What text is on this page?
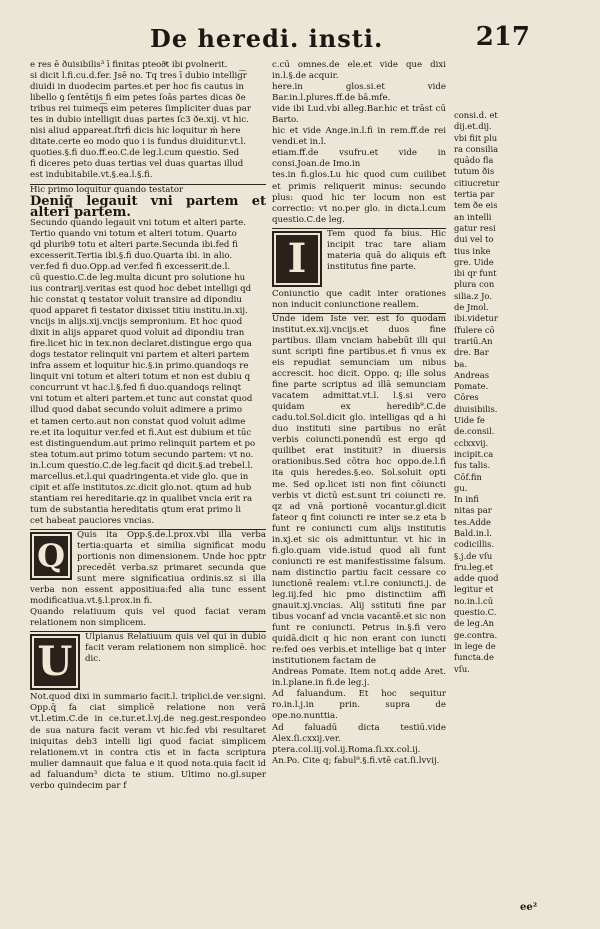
De heredi. insti.	217

e res ē ðuisibilis³ ī finitas pteoðͤt ibi ꝑvolnerit.

si dicit l.fi.cu.d.fer. Jsē no. Tq tres ī dubio intellig͡r

diuidi in duodecim partes.et per hoc fis cautus in

libello ꝯ ſentētijs fi eim petes ſoās partes dicas ðe

tribus rei tuimeq͡s eim peteres ſimpliciter duas par

tes in dubio intelligit duas partes ſc3 ðe.xij. vt hic.

nisi aliud appareat.ſtrfi dicis hic loquitur ṁ here

ditate.certe eo modo quo i is fundus diuiditur.vt.l.

quoties.§.fi duo.ff.eo.C.de leg.l.cum questio. Sed

fi diceres peto duas tertias vel duas quartas illud

est indubitabile.vt.§.ea.l.§.fi.

Hic primo loquitur quando testator

Deniq̄ legauit vni partem et alteri partem.

Secundo quando legauit vni totum et alteri parte.

Tertio quando vni totum et alteri totum. Quarto

qd plurib9 totu et alteri parte.Secunda ibi.fed fi

excesserit.Tertia ibi.§.fi duo.Quarta ibi. in alio.

ver.fed fi duo.Opp.ad ver.fed fi excesserit.de.l.

cū questio.C.de leg.multa dicunt pro solutione hu

ius contrarij.veritas est quod hoc debet intelligi qd

hic constat q testator voluit transire ad dipondiu

quod apparet fi testator dixisset titiu institu.in.xij.

vncijs in alijs.xij.vncijs sempronium. Et hoc quod

dixit in alijs apparet quod voluit ad dipondiu tran

fire.licet hic in tex.non declaret.distingue ergo qua

dogs testator relinquit vni partem et alteri partem

infra assem et loquitur hic.§.in primo.quandoqs re

linquit vni totum et alteri totum et non est dubiu q

concurrunt vt hac.l.§.fed fi duo.quandoqs relinqt

vni totum et alteri partem.et tunc aut constat quod

illud quod dabat secundo voluit adimere a primo

et tamen certo.aut non constat quod voluit adime

re.et ita loquitur ver.fed et fi.Aut est dubium et tūc

est distinguendum.aut primo relinquit partem et po

stea totum.aut primo totum secundo partem: vt no.

in.l.cum questio.C.de leg.facit qd dicit.§.ad trebel.l.

marcellus.et.l.qui quadringenta.et vide glo. que in

cipit et aſſe institutos.zc.dicit glo.not. qtum ad hub

stantiam rei hereditarie.qz in qualibet vncia erit ra

tum de substantia hereditatis qtum erat primo li

cet habeat pauciores vncias.

Q
Quis ita Opp.§.de.l.prox.vbi illa verba tertia:quarta et similia significat modu portionis non dimensionem. Unde hoc pptr precedēt verba.sz primaret secunda que sunt mere significatiua ordinis.sz si illa verba non essent appositiua:fed alia tunc essent modificatiua.vt.§.l.prox.in fi.

Quando relatiuum quis vel quod faciat veram relationem non simplicem.

U
Ulpianus Relatiuum quis vel qui in dubio facit veram relationem non simplicē. hoc dic.

Not.quod dixi in summario facit.l. triplici.de ver.signi. Opp.q̄ fa ciat simplicē relatione non verā vt.l.etim.C.de in ce.tur.et.l.vj.de neg.gest.respondeo de sua natura facit veram vt hic.fed vbi resultaret iniquitas deb3 intelli ligi quod faciat simplicem relationem.vt in contra ctis et in facta scriptura mulier damnauit que falua e it quod nota.quia facit id ad faluandum³ dicta te stium. Ultimo no.gl.super verbo quindecim par f

c.cū omnes.de ele.et vide que dixi in.l.§.de acquir.

here.in glos.si.et vide Bar.in.l.plures.ff.de bā.mfe.

vide ibi Lud.vbi alleg.Bar.hic et trāst cū Barto.

hic et vide Ange.in.l.fi in rem.ff.de rei vendi.et in.l.

etiam.ff.de vsufru.et vide in consi.Joan.de Imo.in

tes.in fi.glos.Lu hic quod cum cuilibet et primis reliquerit minus: secundo plus: quod hic ter locum non est correctio: vt no.per glo. in dicta.l.cum questio.C.de leg.

I
Tem quod fa bius. Hic incipit trac tare aliam materia quā do aliquis eft institutus fine parte.

Coniunctio que cadit inter orationes non inducit coniunctione reallem.

Unde idem Iste ver. est fo quodam institut.ex.xij.vncijs.et duos fine partibus. illam vnciam habebūt illi qui sunt scripti fine partibus.et fi vnus ex eis repudiat semunciam um nibus accrescit. hoc dicit. Oppo. q; ille solus fine parte scriptus ad illā semunciam vacatem admittat.vt.l. l.§.si vero quidam ex heredib⁹.C.de cadu.tol.Sol.dicit glo. intelligas qd a hi duo instituti sine partibus no erāt verbis coiuncti.ponendū est ergo qd quilibet erat instituit? in diuersis orationibus.Sed cōtra hoc oppo.de.l.fi ita quis heredes.§.eo. Sol.soluit opti me. Sed op.licet isti non fint cōiuncti verbis vt dictū est.sunt tri coiuncti re. qz ad vnā portionē vocantur.gl.dicit fateor q fint coiuncti re inter se.z eta b funt re coniuncti cum alijs institutis in.xj.et sic ois admittuntur. vt hic in fi.glo.quam vide.istud quod ali funt coniuncti re est manifestissime falsum. nam distinctio partiu facit cessare co iunctionē realem: vt.l.re coniuncti.j. de leg.iij.fed hic pmo distinctiim affi gnauit.xj.vncias. Alij sstituti fine par tibus vocanf ad vncia vacantē.et sic non funt re coniuncti. Petrus in.§.fi vero quidā.dicit q hic non erant con iuncti re:fed oes verbis.et intellige bat q inter institutionem factam de

Andreas Pomate. Item not.q adde Aret. in.l.plane.in fi.de leg.j.

Ad faluandum. Et hoc sequitur ro.in.l.j.in prin. supra de ope.no.nunttia.

Ad faluadū dicta testiū.vide Alex.ſi.cxxij.ver. ptera.col.iij.vol.ij.Roma.ſi.xx.col.ij.

An.Po. Cite q; fabul⁹.§.fi.vtē cat.ſi.lvvij.

consi.d. et

dij.et.dij.

vbi fiit plu

ra consilia

quādo fla

tutum ðis

citiucretur

tertia par

tem ðe eis

an intelli

gatur resi

dui vel to

tius inke

gre. Uide

ibi qr funt

plura con

silia.z Jo.

de Jmol.

ibi.videtur

ſfulere cō

trariū.An

dre. Bar

ba.

Andreas

Pomate.

Cōres

diuisibilis.

Uide fe

de.consil.

cclxxvij.

incipit.ca

fus talis.

Cōf.fin

gu.

In infi

nitas par

tes.Adde

Bald.in.l.

codicillis.

§.j.de vſu

fru.leg.et

adde quod

legitur et

no.in.l.cū

questio.C.

de leg.An

ge.contra.

in lege de

functa.de

vſu.

ee²
